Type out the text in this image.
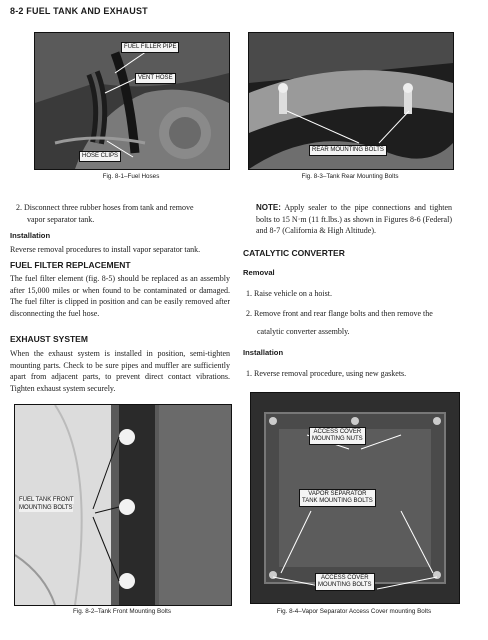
8-2 FUEL TANK AND EXHAUST
FUEL FILLER PIPE
VENT HOSE
HOSE CLIPS
Fig. 8-1–Fuel Hoses
REAR MOUNTING BOLTS
Fig. 8-3–Tank Rear Mounting Bolts
2. Disconnect three rubber hoses from tank and remove
vapor separator tank.
Installation
Reverse removal procedures to install vapor separator tank.
FUEL FILTER REPLACEMENT
The fuel filter element (fig. 8-5) should be replaced as an assembly after 15,000 miles or when found to be contaminated or damaged. The fuel filter is clipped in position and can be easily removed after disconnecting the fuel hose.
EXHAUST SYSTEM
When the exhaust system is installed in position, semi-tighten mounting parts. Check to be sure pipes and muffler are sufficiently apart from adjacent parts, to prevent direct contact vibrations. Tighten exhaust system securely.
NOTE: Apply sealer to the pipe connections and tighten bolts to 15 N·m (11 ft.lbs.) as shown in Figures 8-6 (Federal) and 8-7 (California & High Altitude).
CATALYTIC CONVERTER
Removal
1. Raise vehicle on a hoist.
2. Remove front and rear flange bolts and then remove the
catalytic converter assembly.
Installation
1. Reverse removal procedure, using new gaskets.
FUEL TANK FRONT
MOUNTING BOLTS
Fig. 8-2–Tank Front Mounting Bolts
ACCESS COVER
MOUNTING NUTS
VAPOR SEPARATOR
TANK MOUNTING BOLTS
ACCESS COVER
MOUNTING BOLTS
Fig. 8-4–Vapor Separator Access Cover mounting Bolts
